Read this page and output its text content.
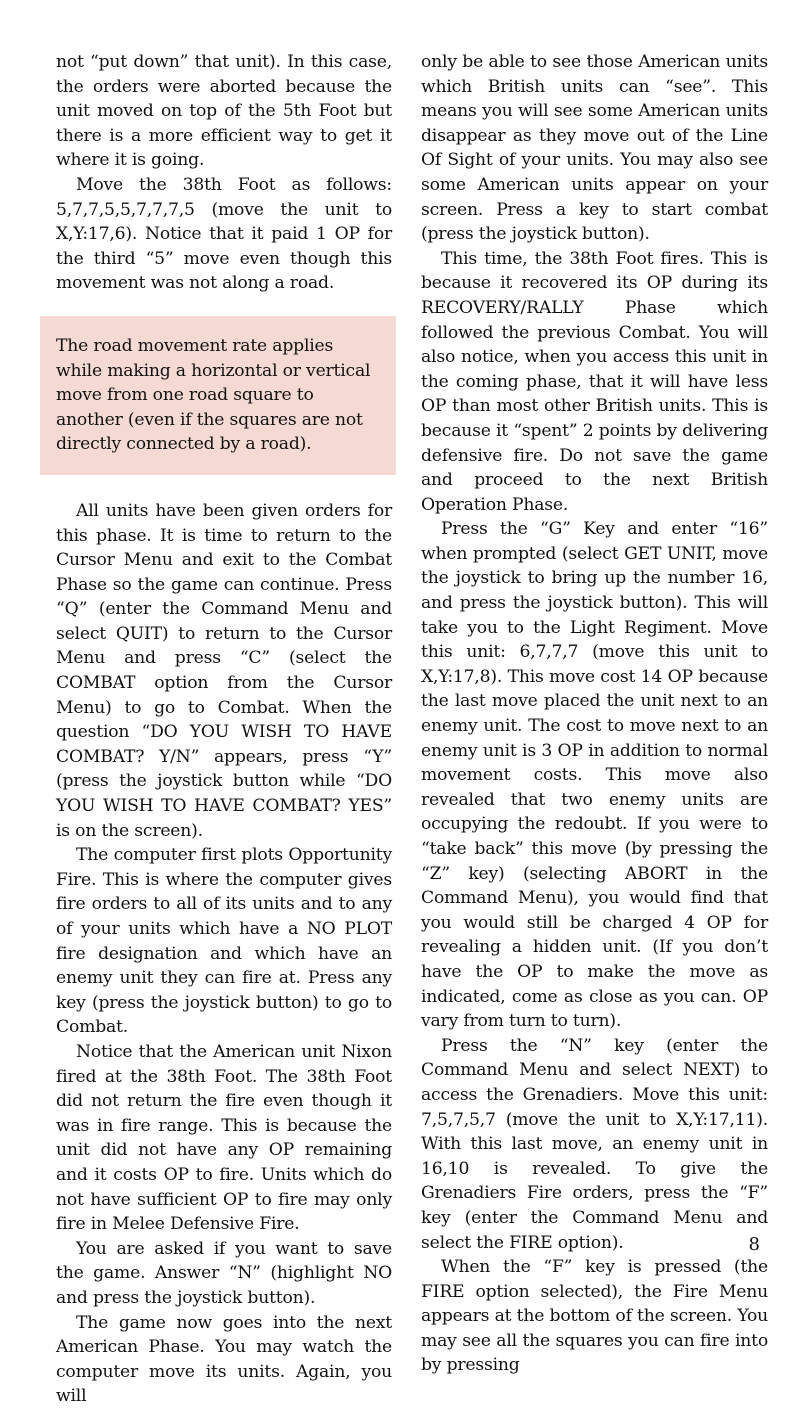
not “put down” that unit). In this case, the orders were aborted because the unit moved on top of the 5th Foot but there is a more efficient way to get it where it is going.

Move the 38th Foot as follows: 5,7,7,5,5,7,7,7,5 (move the unit to X,Y:17,6). Notice that it paid 1 OP for the third “5” move even though this movement was not along a road.

The road movement rate applies while making a horizontal or vertical move from one road square to another (even if the squares are not directly connected by a road).

All units have been given orders for this phase. It is time to return to the Cursor Menu and exit to the Combat Phase so the game can continue. Press “Q” (enter the Command Menu and select QUIT) to return to the Cursor Menu and press “C” (select the COMBAT option from the Cursor Menu) to go to Combat. When the question “DO YOU WISH TO HAVE COMBAT? Y/N” appears, press “Y” (press the joystick button while “DO YOU WISH TO HAVE COMBAT? YES” is on the screen).

The computer first plots Opportunity Fire. This is where the computer gives fire orders to all of its units and to any of your units which have a NO PLOT fire designation and which have an enemy unit they can fire at. Press any key (press the joystick button) to go to Combat.

Notice that the American unit Nixon fired at the 38th Foot. The 38th Foot did not return the fire even though it was in fire range. This is because the unit did not have any OP remaining and it costs OP to fire. Units which do not have sufficient OP to fire may only fire in Melee Defensive Fire.

You are asked if you want to save the game. Answer “N” (highlight NO and press the joystick button).

The game now goes into the next American Phase. You may watch the computer move its units. Again, you will

only be able to see those American units which British units can “see”. This means you will see some American units disappear as they move out of the Line Of Sight of your units. You may also see some American units appear on your screen. Press a key to start combat (press the joystick button).

This time, the 38th Foot fires. This is because it recovered its OP during its RECOVERY/RALLY Phase which followed the previous Combat. You will also notice, when you access this unit in the coming phase, that it will have less OP than most other British units. This is because it “spent” 2 points by delivering defensive fire. Do not save the game and proceed to the next British Operation Phase.

Press the “G” Key and enter “16” when prompted (select GET UNIT, move the joystick to bring up the number 16, and press the joystick button). This will take you to the Light Regiment. Move this unit: 6,7,7,7 (move this unit to X,Y:17,8). This move cost 14 OP because the last move placed the unit next to an enemy unit. The cost to move next to an enemy unit is 3 OP in addition to normal movement costs. This move also revealed that two enemy units are occupying the redoubt. If you were to “take back” this move (by pressing the “Z” key) (selecting ABORT in the Command Menu), you would find that you would still be charged 4 OP for revealing a hidden unit. (If you don’t have the OP to make the move as indicated, come as close as you can. OP vary from turn to turn).

Press the “N” key (enter the Command Menu and select NEXT) to access the Grenadiers. Move this unit: 7,5,7,5,7 (move the unit to X,Y:17,11). With this last move, an enemy unit in 16,10 is revealed. To give the Grenadiers Fire orders, press the “F” key (enter the Command Menu and select the FIRE option).

When the “F” key is pressed (the FIRE option selected), the Fire Menu appears at the bottom of the screen. You may see all the squares you can fire into by pressing

8
